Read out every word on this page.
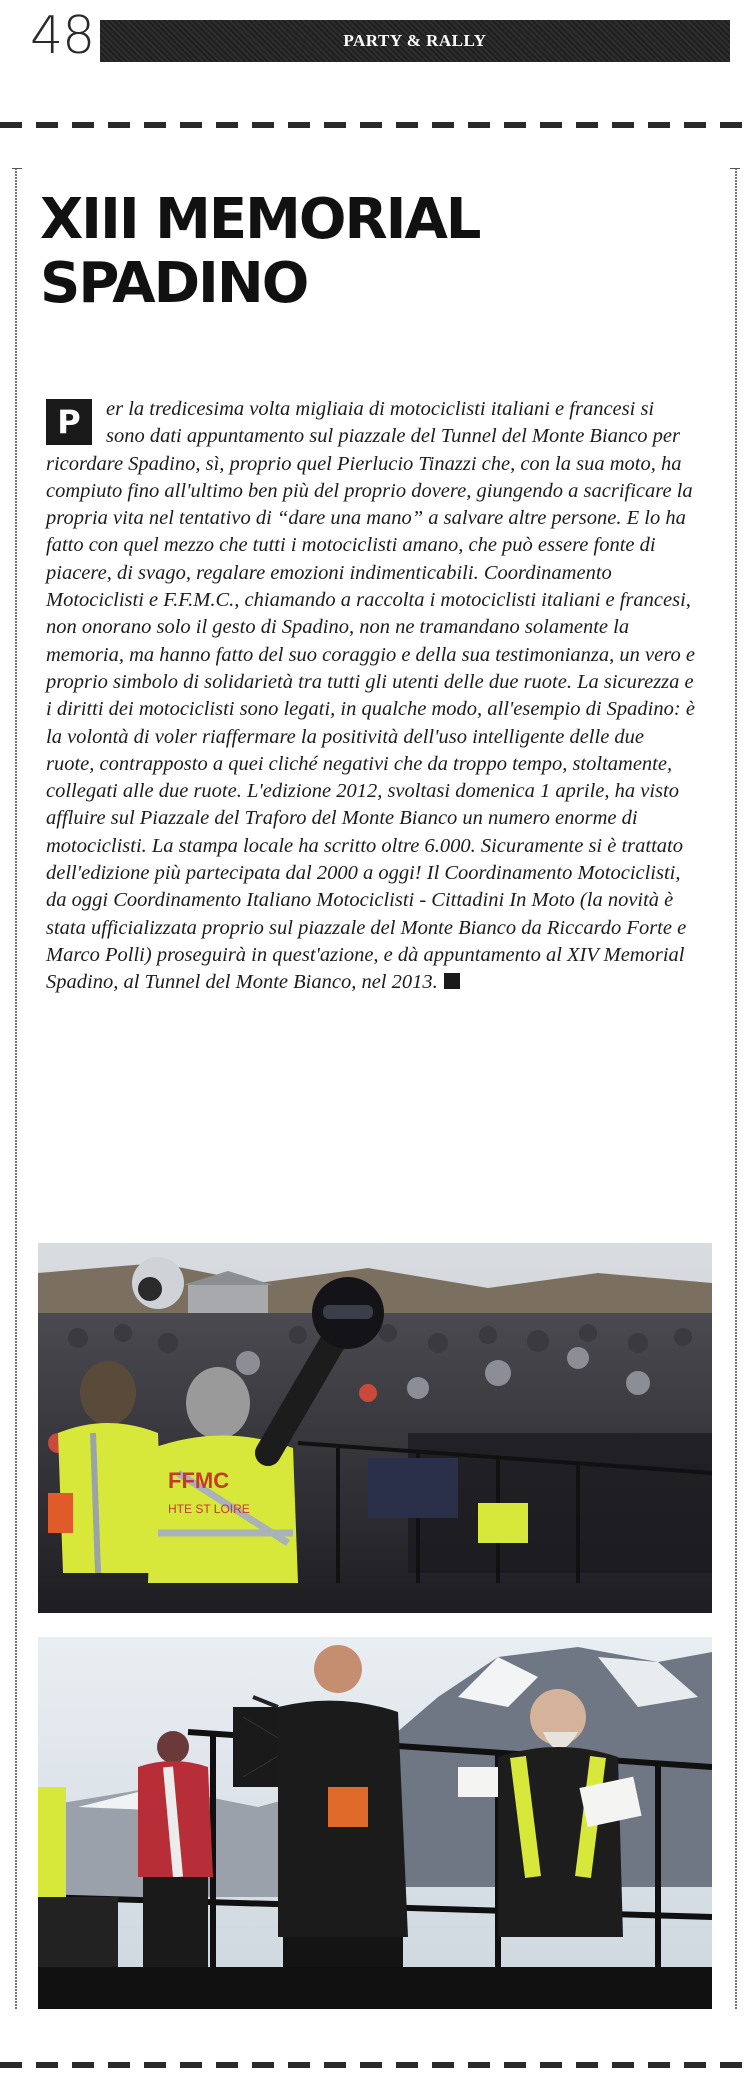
48	PARTY & RALLY
XIII MEMORIAL
SPADINO

P	er la tredicesima volta migliaia di motociclisti italiani e francesi si sono dati appuntamento sul piazzale del Tunnel del Monte Bianco per ricordare Spadino, sì, proprio quel Pierlucio Tinazzi che, con la sua moto, ha compiuto fino all'ultimo ben più del proprio dovere, giungendo a sacrificare la propria vita nel tentativo di “dare una mano” a salvare altre persone. E lo ha fatto con quel mezzo che tutti i motociclisti amano, che può essere fonte di piacere, di svago, regalare emozioni indimenticabili. Coordinamento Motociclisti e F.F.M.C., chiamando a raccolta i motociclisti italiani e francesi, non onorano solo il gesto di Spadino, non ne tramandano solamente la memoria, ma hanno fatto del suo coraggio e della sua testimonianza, un vero e proprio simbolo di solidarietà tra tutti gli utenti delle due ruote. La sicurezza e i diritti dei motociclisti sono legati, in qualche modo, all'esempio di Spadino: è la volontà di voler riaffermare la positività dell'uso intelligente delle due ruote, contrapposto a quei cliché negativi che da troppo tempo, stoltamente, collegati alle due ruote. L'edizione 2012, svoltasi domenica 1 aprile, ha visto affluire sul Piazzale del Traforo del Monte Bianco un numero enorme di motociclisti. La stampa locale ha scritto oltre 6.000. Sicuramente si è trattato dell'edizione più partecipata dal 2000 a oggi! Il Coordinamento Motociclisti, da oggi Coordinamento Italiano Motociclisti - Cittadini In Moto (la novità è stata ufficializzata proprio sul piazzale del Monte Bianco da Riccardo Forte e Marco Polli) proseguirà in quest'azione, e dà appuntamento al XIV Memorial Spadino, al Tunnel del Monte Bianco, nel 2013.

FFMC
HTE ST LOIRE
